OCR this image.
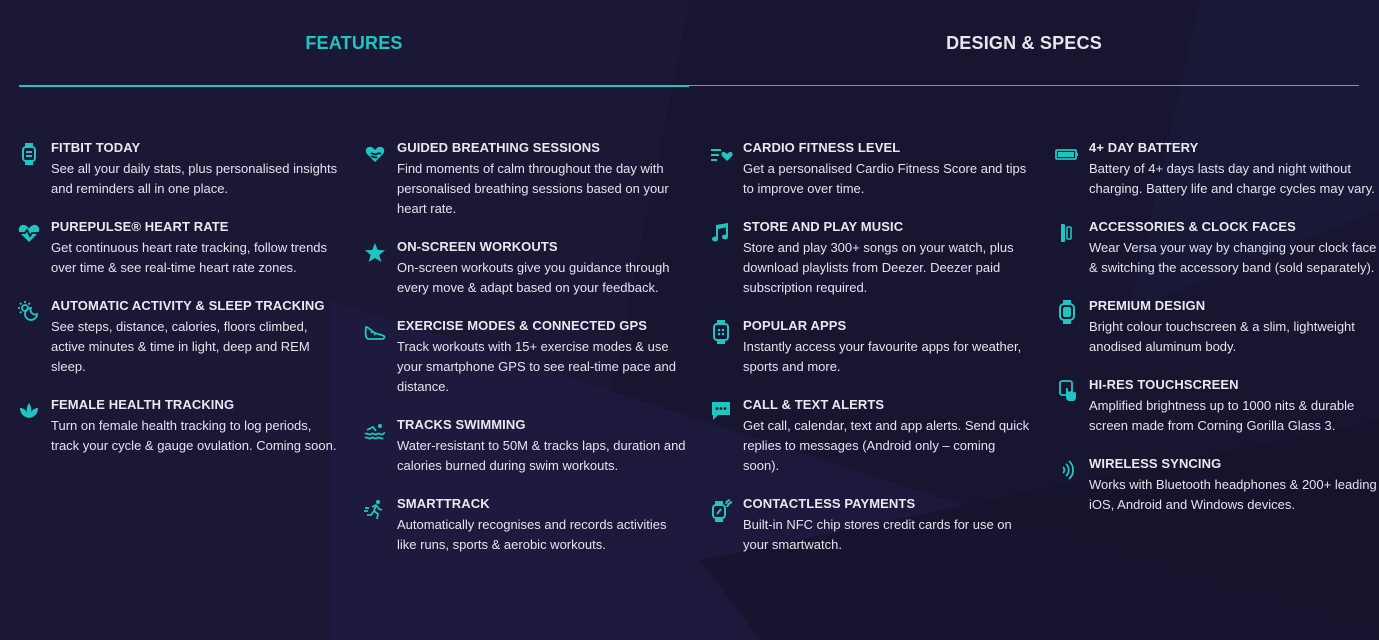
FEATURES	DESIGN & SPECS
FITBIT TODAY
See all your daily stats, plus personalised insights and reminders all in one place.
PUREPULSE® HEART RATE
Get continuous heart rate tracking, follow trends over time & see real-time heart rate zones.
AUTOMATIC ACTIVITY & SLEEP TRACKING
See steps, distance, calories, floors climbed, active minutes & time in light, deep and REM sleep.
FEMALE HEALTH TRACKING
Turn on female health tracking to log periods, track your cycle & gauge ovulation. Coming soon.
GUIDED BREATHING SESSIONS
Find moments of calm throughout the day with personalised breathing sessions based on your heart rate.
ON-SCREEN WORKOUTS
On-screen workouts give you guidance through every move & adapt based on your feedback.
EXERCISE MODES & CONNECTED GPS
Track workouts with 15+ exercise modes & use your smartphone GPS to see real-time pace and distance.
TRACKS SWIMMING
Water-resistant to 50M & tracks laps, duration and calories burned during swim workouts.
SMARTTRACK
Automatically recognises and records activities like runs, sports & aerobic workouts.
CARDIO FITNESS LEVEL
Get a personalised Cardio Fitness Score and tips to improve over time.
STORE AND PLAY MUSIC
Store and play 300+ songs on your watch, plus download playlists from Deezer. Deezer paid subscription required.
POPULAR APPS
Instantly access your favourite apps for weather, sports and more.
CALL & TEXT ALERTS
Get call, calendar, text and app alerts. Send quick replies to messages (Android only – coming soon).
CONTACTLESS PAYMENTS
Built-in NFC chip stores credit cards for use on your smartwatch.
4+ DAY BATTERY
Battery of 4+ days lasts day and night without charging. Battery life and charge cycles may vary.
ACCESSORIES & CLOCK FACES
Wear Versa your way by changing your clock face & switching the accessory band (sold separately).
PREMIUM DESIGN
Bright colour touchscreen & a slim, lightweight anodised aluminum body.
HI-RES TOUCHSCREEN
Amplified brightness up to 1000 nits & durable screen made from Corning Gorilla Glass 3.
WIRELESS SYNCING
Works with Bluetooth headphones & 200+ leading iOS, Android and Windows devices.
